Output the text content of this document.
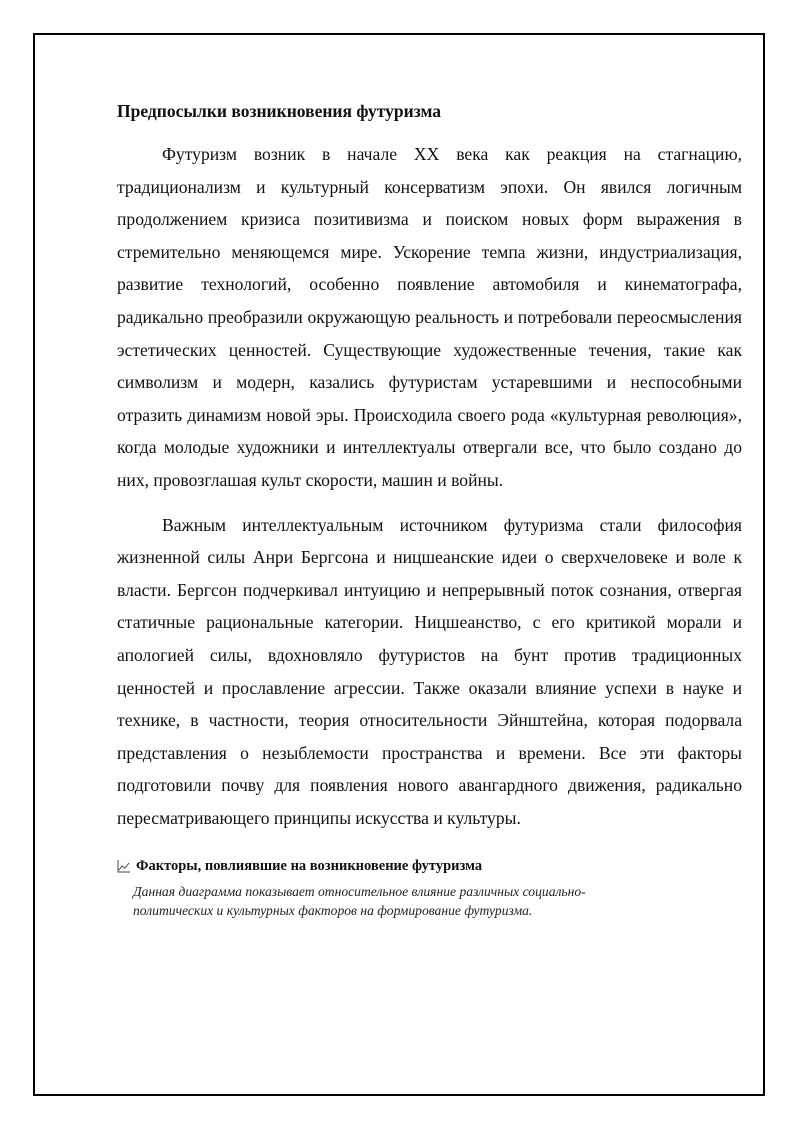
Предпосылки возникновения футуризма

Футуризм возник в начале XX века как реакция на стагнацию, традиционализм и культурный консерватизм эпохи. Он явился логичным продолжением кризиса позитивизма и поиском новых форм выражения в стремительно меняющемся мире. Ускорение темпа жизни, индустриализация, развитие технологий, особенно появление автомобиля и кинематографа, радикально преобразили окружающую реальность и потребовали переосмысления эстетических ценностей. Существующие художественные течения, такие как символизм и модерн, казались футуристам устаревшими и неспособными отразить динамизм новой эры. Происходила своего рода «культурная революция», когда молодые художники и интеллектуалы отвергали все, что было создано до них, провозглашая культ скорости, машин и войны.

Важным интеллектуальным источником футуризма стали философия жизненной силы Анри Бергсона и ницшеанские идеи о сверхчеловеке и воле к власти. Бергсон подчеркивал интуицию и непрерывный поток сознания, отвергая статичные рациональные категории. Ницшеанство, с его критикой морали и апологией силы, вдохновляло футуристов на бунт против традиционных ценностей и прославление агрессии. Также оказали влияние успехи в науке и технике, в частности, теория относительности Эйнштейна, которая подорвала представления о незыблемости пространства и времени. Все эти факторы подготовили почву для появления нового авангардного движения, радикально пересматривающего принципы искусства и культуры.

Факторы, повлиявшие на возникновение футуризма
Данная диаграмма показывает относительное влияние различных социально-политических и культурных факторов на формирование футуризма.
